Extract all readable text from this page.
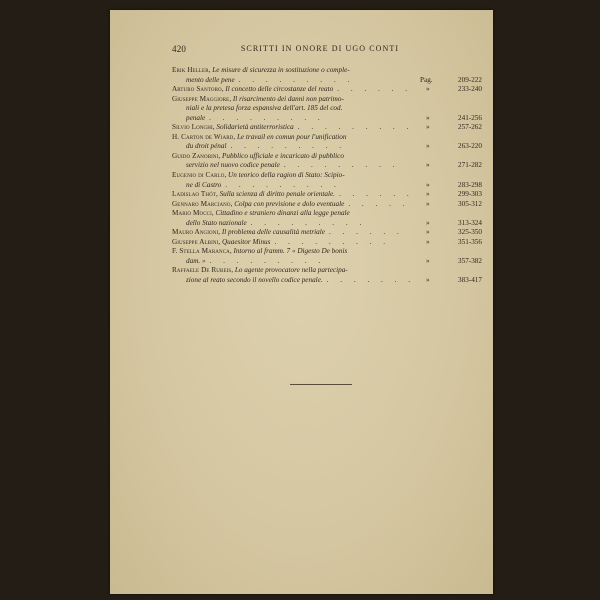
420	SCRITTI IN ONORE DI UGO CONTI
Erik Heller, Le misure di sicurezza in sostituzione o comple-
mento delle pene . . . . . . . . .	Pag.	209-222
Arturo Santoro, Il concetto delle circostanze del reato . . . . . . »	233-240
Giuseppe Maggiore, Il risarcimento dei danni non patrimo-
niali e la pretesa forza espansiva dell'art. 185 del cod.
penale . . . . . . . . .	»	241-256
Silvio Longhi, Solidarietà antiterroristica . . . . . . . . . »	257-262
H. Carton de Wiard, Le travail en comun pour l'unification
du droit pénal . . . . . . . . .	»	263-220
Guido Zanobini, Pubblico ufficiale e incaricato di pubblico
servizio nel nuovo codice penale . . . . . . . . .	»	271-282
Eugenio di Carlo, Un teorico della ragion di Stato: Scipio-
ne di Castro . . . . . . . . .	»	283-298
Ladislao Thót, Sulla scienza di diritto penale orientale. . . . . . . »	299-303
Gennaro Marciano, Colpa con previsione e dolo eventuale . . . . . »	305-312
Mario Mocci, Cittadino e straniero dinanzi alla legge penale
dello Stato nazionale . . . . . . . . .	»	313-324
Mauro Angioni, Il problema delle causalità metriale . . . . . .	»	325-350
Giuseppe Albini, Quaesitor Minus . . . . . . . . .	»	351-356
F. Stella Maranca, Intorno al framm. 7 « Digesto De bonis
dam. » . . . . . . . . .	»	357-382
Raffaele De Rubeis, Lo agente provocatore nella partecipa-
zione al reato secondo il novello codice penale. . . . . . . . »	383-417
